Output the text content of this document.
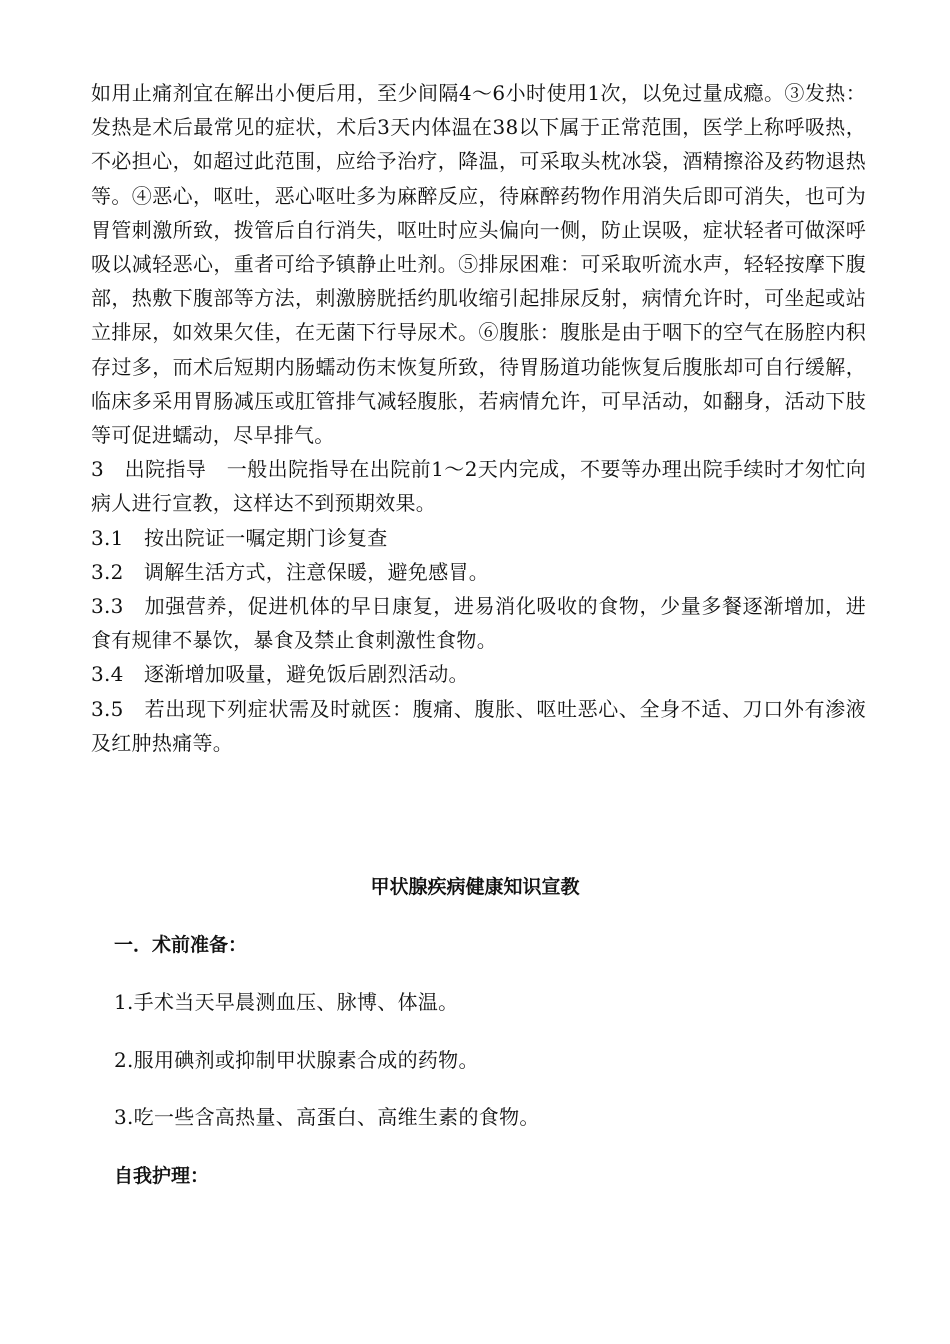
如用止痛剂宜在解出小便后用，至少间隔4～6小时使用1次，以免过量成瘾。③发热：发热是术后最常见的症状，术后3天内体温在38以下属于正常范围，医学上称呼吸热，不必担心，如超过此范围，应给予治疗，降温，可采取头枕冰袋，酒精擦浴及药物退热等。④恶心，呕吐，恶心呕吐多为麻醉反应，待麻醉药物作用消失后即可消失，也可为胃管刺激所致，拨管后自行消失，呕吐时应头偏向一侧，防止误吸，症状轻者可做深呼吸以减轻恶心，重者可给予镇静止吐剂。⑤排尿困难：可采取听流水声，轻轻按摩下腹部，热敷下腹部等方法，刺激膀胱括约肌收缩引起排尿反射，病情允许时，可坐起或站立排尿，如效果欠佳，在无菌下行导尿术。⑥腹胀：腹胀是由于咽下的空气在肠腔内积存过多，而术后短期内肠蠕动伤末恢复所致，待胃肠道功能恢复后腹胀却可自行缓解，临床多采用胃肠减压或肛管排气减轻腹胀，若病情允许，可早活动，如翻身，活动下肢等可促进蠕动，尽早排气。

3　出院指导　一般出院指导在出院前1～2天内完成，不要等办理出院手续时才匆忙向病人进行宣教，这样达不到预期效果。

3.1　按出院证一嘱定期门诊复查

3.2　调解生活方式，注意保暖，避免感冒。

3.3　加强营养，促进机体的早日康复，进易消化吸收的食物，少量多餐逐渐增加，进食有规律不暴饮，暴食及禁止食刺激性食物。

3.4　逐渐增加吸量，避免饭后剧烈活动。

3.5　若出现下列症状需及时就医：腹痛、腹胀、呕吐恶心、全身不适、刀口外有渗液及红肿热痛等。

甲状腺疾病健康知识宣教
一．术前准备：
1.手术当天早晨测血压、脉博、体温。
2.服用碘剂或抑制甲状腺素合成的药物。
3.吃一些含高热量、高蛋白、高维生素的食物。
自我护理：
